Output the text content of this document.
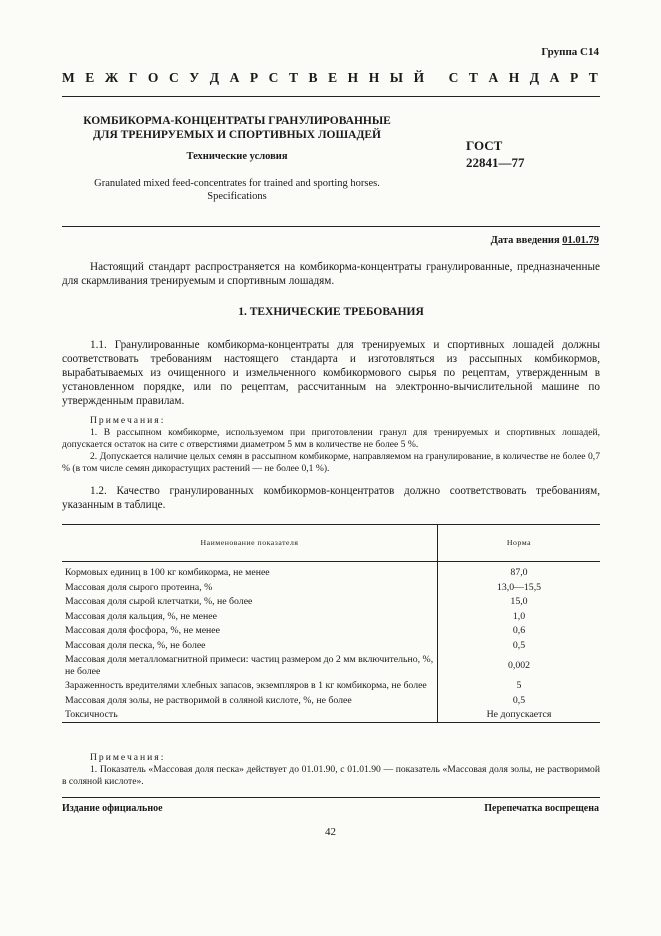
Группа С14
М Е Ж Г О С У Д А Р С Т В Е Н Н Ы Й
С Т А Н Д А Р Т
КОМБИКОРМА-КОНЦЕНТРАТЫ ГРАНУЛИРОВАННЫЕ
ДЛЯ ТРЕНИРУЕМЫХ И СПОРТИВНЫХ ЛОШАДЕЙ
Технические условия
ГОСТ
22841—77
Granulated mixed feed-concentrates for trained and sporting horses.
Specifications
Дата введения 01.01.79
Настоящий стандарт распространяется на комбикорма-концентраты гранулированные, предназначенные для скармливания тренируемым и спортивным лошадям.
1. ТЕХНИЧЕСКИЕ ТРЕБОВАНИЯ
1.1. Гранулированные комбикорма-концентраты для тренируемых и спортивных лошадей должны соответствовать требованиям настоящего стандарта и изготовляться из рассыпных комбикормов, вырабатываемых из очищенного и измельченного комбикормового сырья по рецептам, утвержденным в установленном порядке, или по рецептам, рассчитанным на электронно-вычислительной машине по утвержденным правилам.
Примечания:
1. В рассыпном комбикорме, используемом при приготовлении гранул для тренируемых и спортивных лошадей, допускается остаток на сите с отверстиями диаметром 5 мм в количестве не более 5 %.
2. Допускается наличие целых семян в рассыпном комбикорме, направляемом на гранулирование, в количестве не более 0,7 % (в том числе семян дикорастущих растений — не более 0,1 %).
1.2. Качество гранулированных комбикормов-концентратов должно соответствовать требованиям, указанным в таблице.
Наименование показателя	Норма
Кормовых единиц в 100 кг комбикорма, не менее	87,0
Массовая доля сырого протеина, %	13,0—15,5
Массовая доля сырой клетчатки, %, не более	15,0
Массовая доля кальция, %, не менее	1,0
Массовая доля фосфора, %, не менее	0,6
Массовая доля песка, %, не более	0,5
Массовая доля металломагнитной примеси: частиц размером до 2 мм включительно, %, не более	0,002
Зараженность вредителями хлебных запасов, экземпляров в 1 кг комбикорма, не более	5
Массовая доля золы, не растворимой в соляной кислоте, %, не более	0,5
Токсичность	Не допускается
Примечания:
1. Показатель «Массовая доля песка» действует до 01.01.90, с 01.01.90 — показатель «Массовая доля золы, не растворимой в соляной кислоте».
Издание официальное	Перепечатка воспрещена
42
